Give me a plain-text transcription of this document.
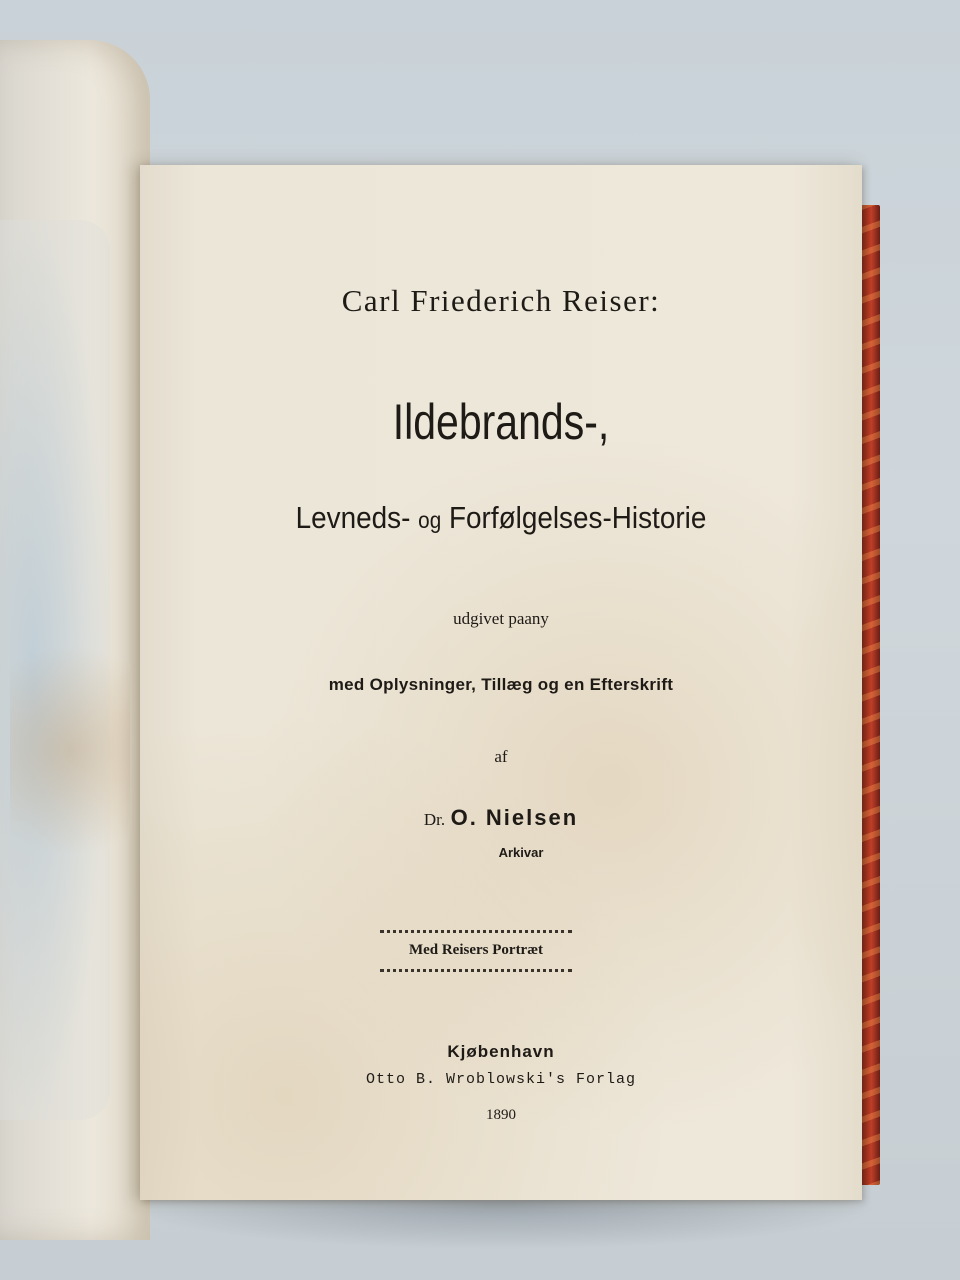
Carl Friederich Reiser:
Ildebrands-,
Levneds- og Forfølgelses-Historie
udgivet paany
med Oplysninger, Tillæg og en Efterskrift
af
Dr. O. Nielsen
Arkivar
Med Reisers Portræt
Kjøbenhavn
Otto B. Wroblowski's Forlag
1890
